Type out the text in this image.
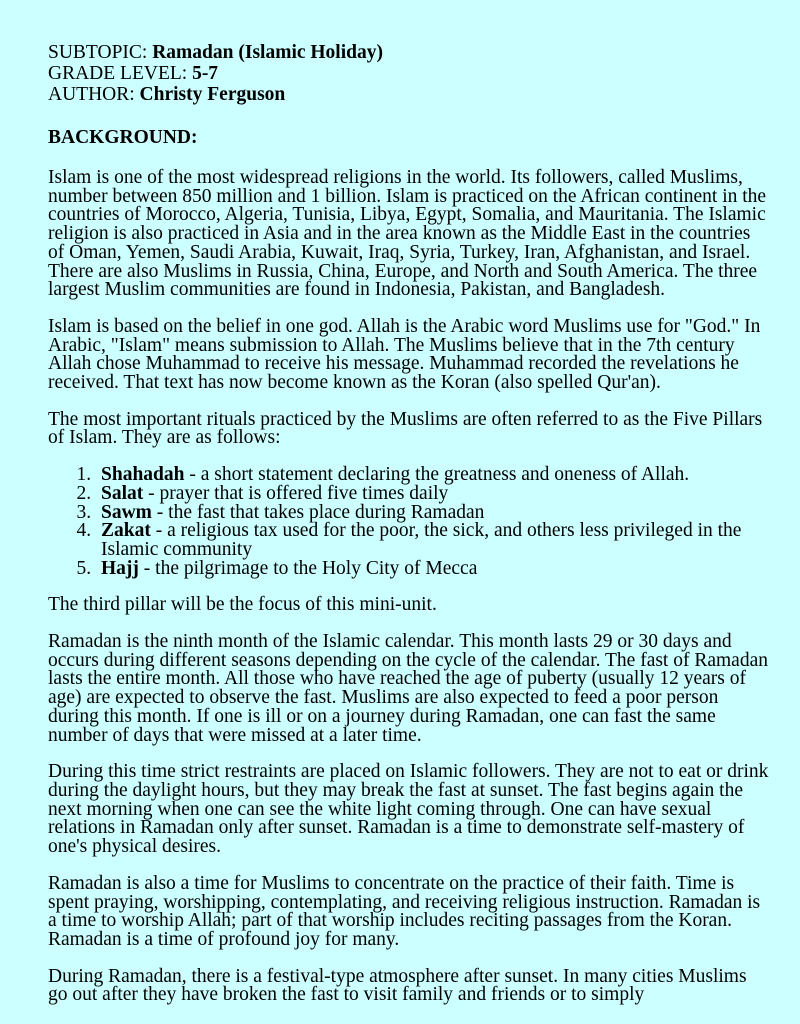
SUBTOPIC: Ramadan (Islamic Holiday)
GRADE LEVEL: 5-7
AUTHOR: Christy Ferguson
BACKGROUND:

Islam is one of the most widespread religions in the world. Its followers, called Muslims, number between 850 million and 1 billion. Islam is practiced on the African continent in the countries of Morocco, Algeria, Tunisia, Libya, Egypt, Somalia, and Mauritania. The Islamic religion is also practiced in Asia and in the area known as the Middle East in the countries of Oman, Yemen, Saudi Arabia, Kuwait, Iraq, Syria, Turkey, Iran, Afghanistan, and Israel. There are also Muslims in Russia, China, Europe, and North and South America. The three largest Muslim communities are found in Indonesia, Pakistan, and Bangladesh.

Islam is based on the belief in one god. Allah is the Arabic word Muslims use for "God." In Arabic, "Islam" means submission to Allah. The Muslims believe that in the 7th century Allah chose Muhammad to receive his message. Muhammad recorded the revelations he received. That text has now become known as the Koran (also spelled Qur'an).

The most important rituals practiced by the Muslims are often referred to as the Five Pillars of Islam. They are as follows:

1. Shahadah - a short statement declaring the greatness and oneness of Allah.
2. Salat - prayer that is offered five times daily
3. Sawm - the fast that takes place during Ramadan
4. Zakat - a religious tax used for the poor, the sick, and others less privileged in the Islamic community
5. Hajj - the pilgrimage to the Holy City of Mecca

The third pillar will be the focus of this mini-unit.

Ramadan is the ninth month of the Islamic calendar. This month lasts 29 or 30 days and occurs during different seasons depending on the cycle of the calendar. The fast of Ramadan lasts the entire month. All those who have reached the age of puberty (usually 12 years of age) are expected to observe the fast. Muslims are also expected to feed a poor person during this month. If one is ill or on a journey during Ramadan, one can fast the same number of days that were missed at a later time.

During this time strict restraints are placed on Islamic followers. They are not to eat or drink during the daylight hours, but they may break the fast at sunset. The fast begins again the next morning when one can see the white light coming through. One can have sexual relations in Ramadan only after sunset. Ramadan is a time to demonstrate self-mastery of one's physical desires.

Ramadan is also a time for Muslims to concentrate on the practice of their faith. Time is spent praying, worshipping, contemplating, and receiving religious instruction. Ramadan is a time to worship Allah; part of that worship includes reciting passages from the Koran. Ramadan is a time of profound joy for many.

During Ramadan, there is a festival-type atmosphere after sunset. In many cities Muslims go out after they have broken the fast to visit family and friends or to simply
